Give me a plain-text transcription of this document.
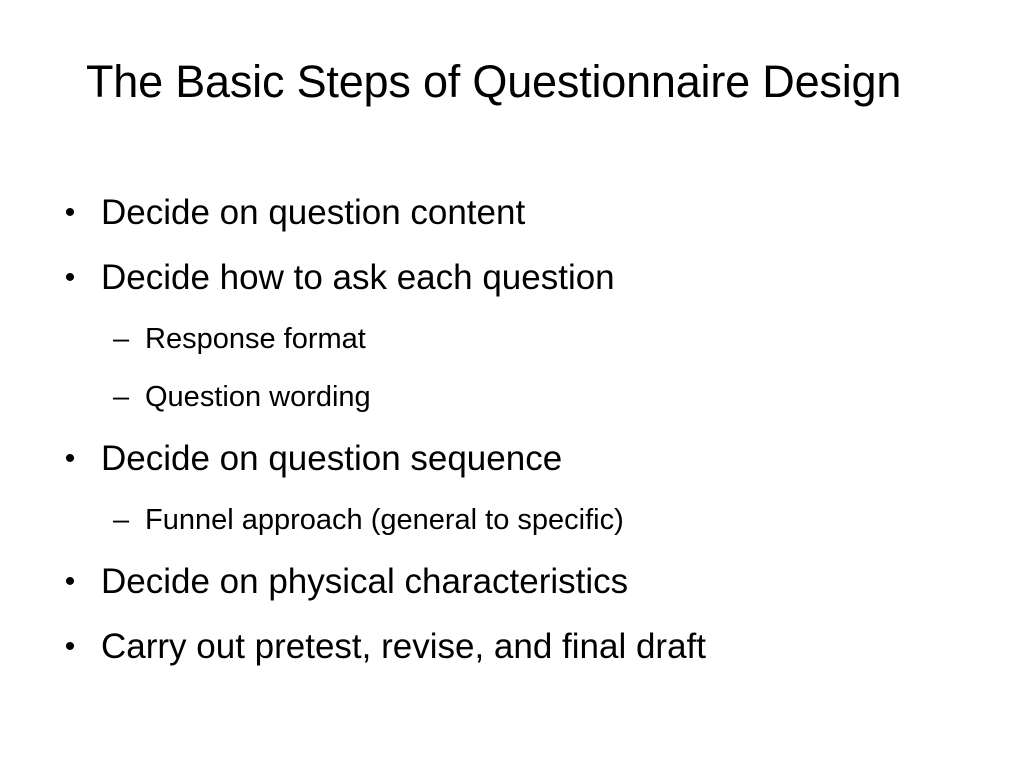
The Basic Steps of Questionnaire Design
• Decide on question content
• Decide how to ask each question
– Response format
– Question wording
• Decide on question sequence
– Funnel approach (general to specific)
• Decide on physical characteristics
• Carry out pretest, revise, and final draft
